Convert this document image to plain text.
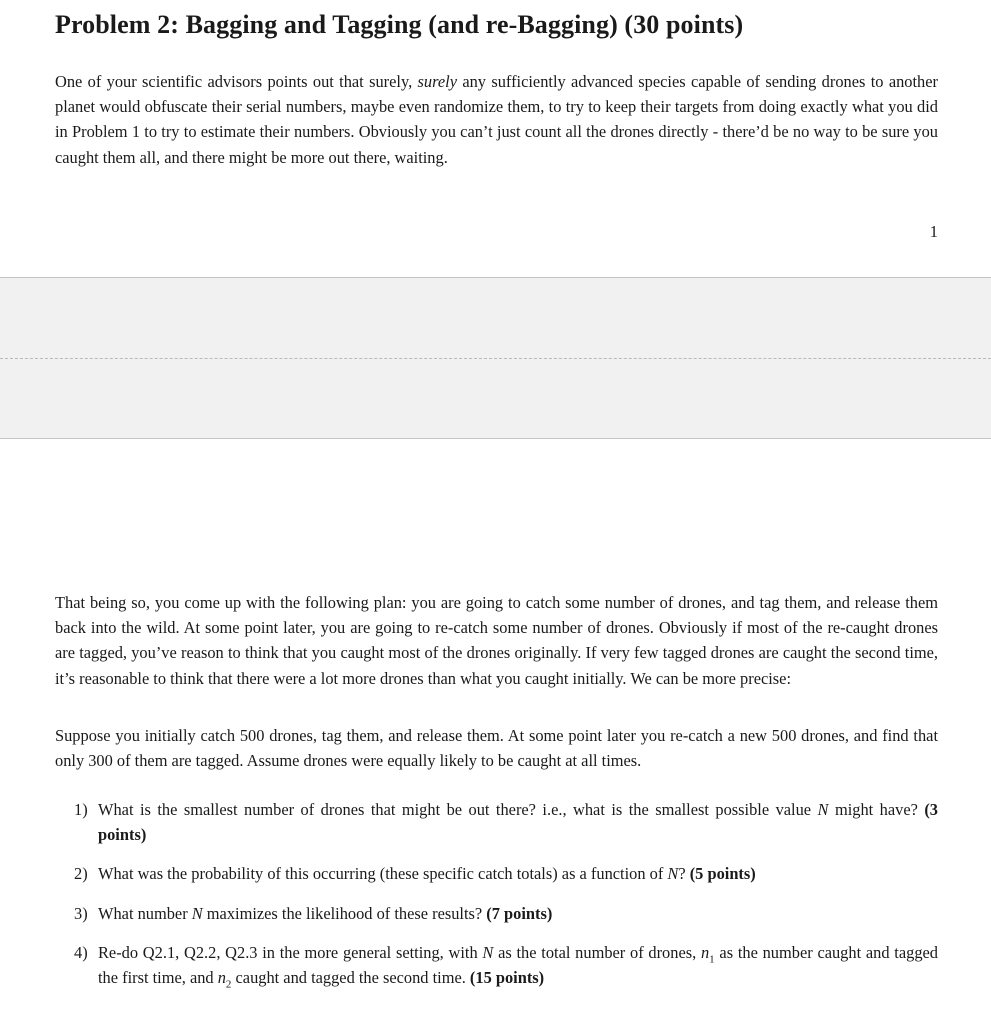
Problem 2: Bagging and Tagging (and re-Bagging) (30 points)

One of your scientific advisors points out that surely, surely any sufficiently advanced species capable of sending drones to another planet would obfuscate their serial numbers, maybe even randomize them, to try to keep their targets from doing exactly what you did in Problem 1 to try to estimate their numbers. Obviously you can’t just count all the drones directly - there’d be no way to be sure you caught them all, and there might be more out there, waiting.

1

That being so, you come up with the following plan: you are going to catch some number of drones, and tag them, and release them back into the wild. At some point later, you are going to re-catch some number of drones. Obviously if most of the re-caught drones are tagged, you’ve reason to think that you caught most of the drones originally. If very few tagged drones are caught the second time, it’s reasonable to think that there were a lot more drones than what you caught initially. We can be more precise:

Suppose you initially catch 500 drones, tag them, and release them. At some point later you re-catch a new 500 drones, and find that only 300 of them are tagged. Assume drones were equally likely to be caught at all times.

1) What is the smallest number of drones that might be out there? i.e., what is the smallest possible value N might have? (3 points)
2) What was the probability of this occurring (these specific catch totals) as a function of N? (5 points)
3) What number N maximizes the likelihood of these results? (7 points)
4) Re-do Q2.1, Q2.2, Q2.3 in the more general setting, with N as the total number of drones, $n_1$ as the number caught and tagged the first time, and $n_2$ caught and tagged the second time. (15 points)
